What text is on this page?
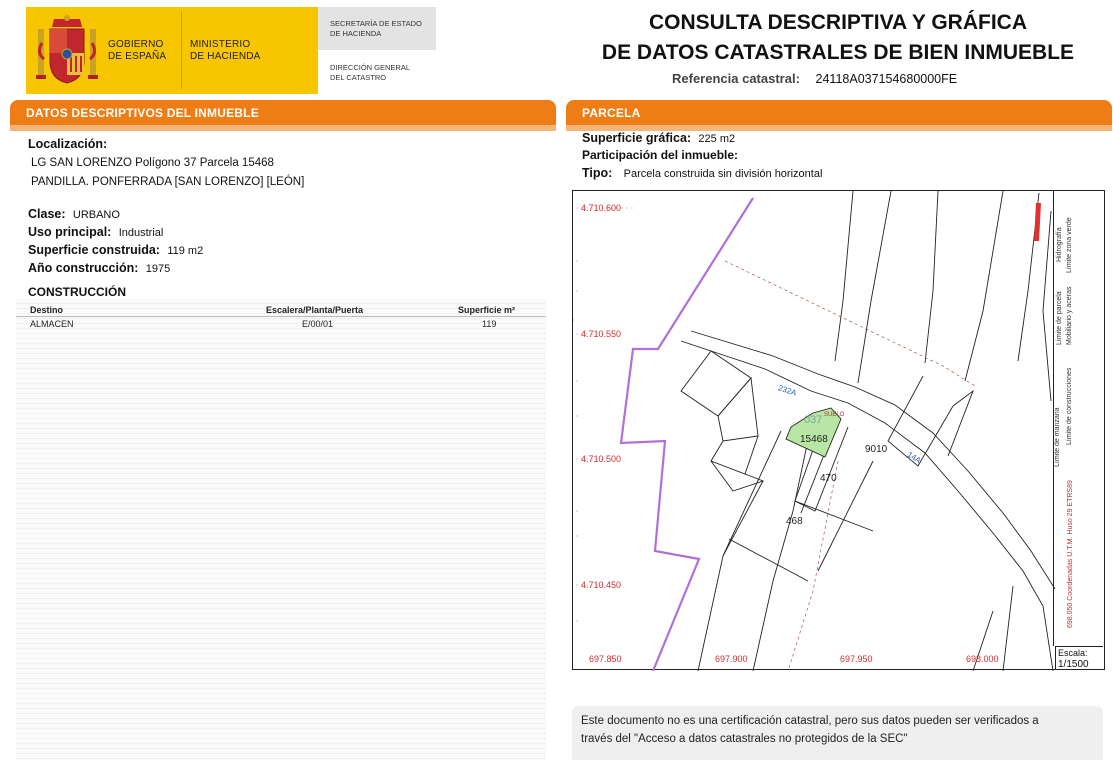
GOBIERNO
DE ESPAÑA
MINISTERIO
DE HACIENDA
SECRETARÍA DE ESTADO
DE HACIENDA
DIRECCIÓN GENERAL
DEL CATASTRO
CONSULTA DESCRIPTIVA Y GRÁFICA
DE DATOS CATASTRALES DE BIEN INMUEBLE
Referencia catastral: 24118A037154680000FE
DATOS DESCRIPTIVOS DEL INMUEBLE
Localización:
LG SAN LORENZO Polígono 37 Parcela 15468
PANDILLA. PONFERRADA [SAN LORENZO] [LEÓN]
Clase: URBANO
Uso principal: Industrial
Superficie construida: 119 m2
Año construcción: 1975
CONSTRUCCIÓN
Destino	Escalera/Planta/Puerta	Superficie m²
ALMACEN	E/00/01	119
PARCELA
Superficie gráfica: 225 m2
Participación del inmueble:
Tipo: Parcela construida sin división horizontal
4.710.600
4.710.550
4.710.500
4.710.450
697.850	697.900	697.950	698.000
037 SUELO
15468
9010
470
468
232A
14A	Límite de manzana
Límite de parcela
Hidrografía
Límite de construcciones
Mobiliario y aceras
Límite zona verde
698.050 Coordenadas U.T.M. Huso 29 ETRS89
Escala:
1/1500
Este documento no es una certificación catastral, pero sus datos pueden ser verificados a
través del "Acceso a datos catastrales no protegidos de la SEC"
